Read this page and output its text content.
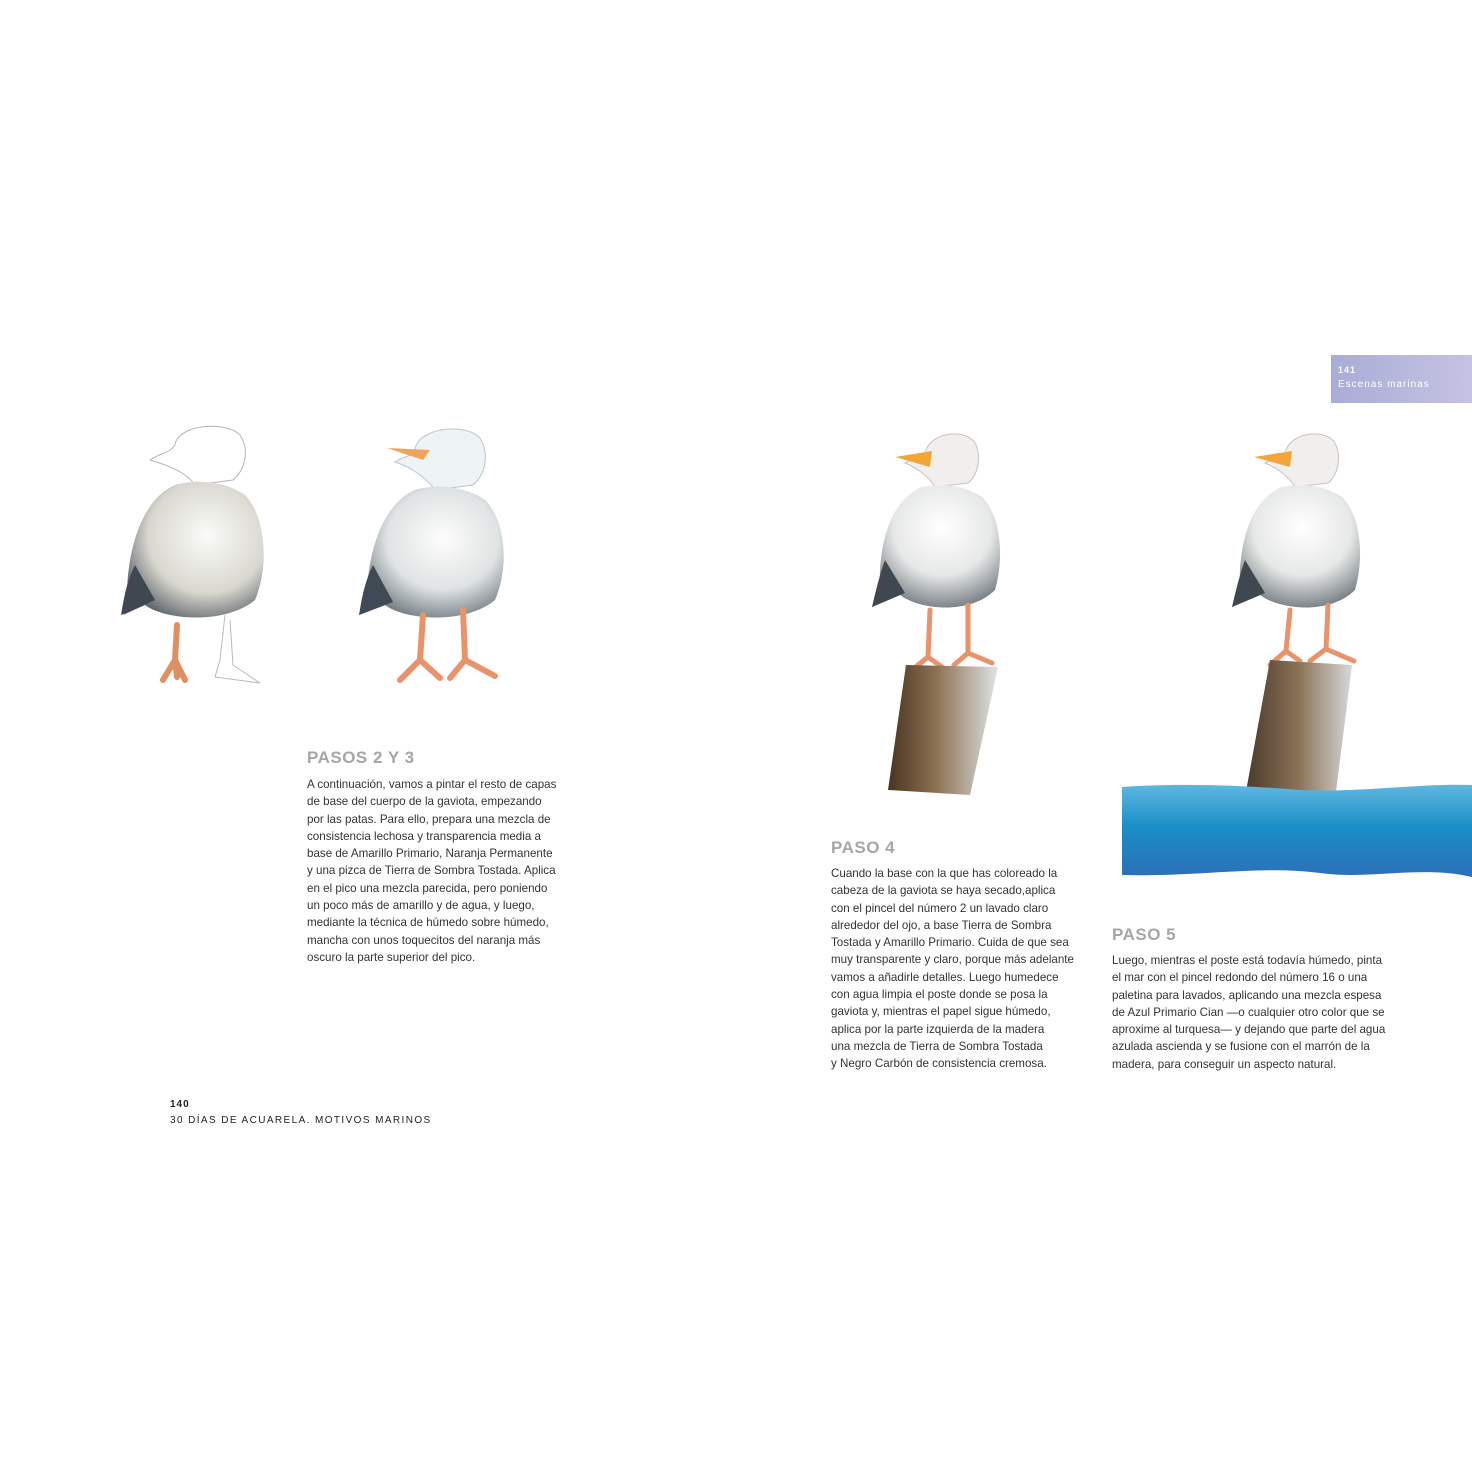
PASOS 2 Y 3

A continuación, vamos a pintar el resto de capas
de base del cuerpo de la gaviota, empezando
por las patas. Para ello, prepara una mezcla de
consistencia lechosa y transparencia media a
base de Amarillo Primario, Naranja Permanente
y una pizca de Tierra de Sombra Tostada. Aplica
en el pico una mezcla parecida, pero poniendo
un poco más de amarillo y de agua, y luego,
mediante la técnica de húmedo sobre húmedo,
mancha con unos toquecitos del naranja más
oscuro la parte superior del pico.

140
30 DÍAS DE ACUARELA. MOTIVOS MARINOS
141
Escenas marinas
PASO 4

Cuando la base con la que has coloreado la
cabeza de la gaviota se haya secado,aplica
con el pincel del número 2 un lavado claro
alrededor del ojo, a base Tierra de Sombra
Tostada y Amarillo Primario. Cuida de que sea
muy transparente y claro, porque más adelante
vamos a añadirle detalles. Luego humedece
con agua limpia el poste donde se posa la
gaviota y, mientras el papel sigue húmedo,
aplica por la parte izquierda de la madera
una mezcla de Tierra de Sombra Tostada
y Negro Carbón de consistencia cremosa.

PASO 5

Luego, mientras el poste está todavía húmedo, pinta
el mar con el pincel redondo del número 16 o una
paletina para lavados, aplicando una mezcla espesa
de Azul Primario Cian —o cualquier otro color que se
aproxime al turquesa— y dejando que parte del agua
azulada ascienda y se fusione con el marrón de la
madera, para conseguir un aspecto natural.
